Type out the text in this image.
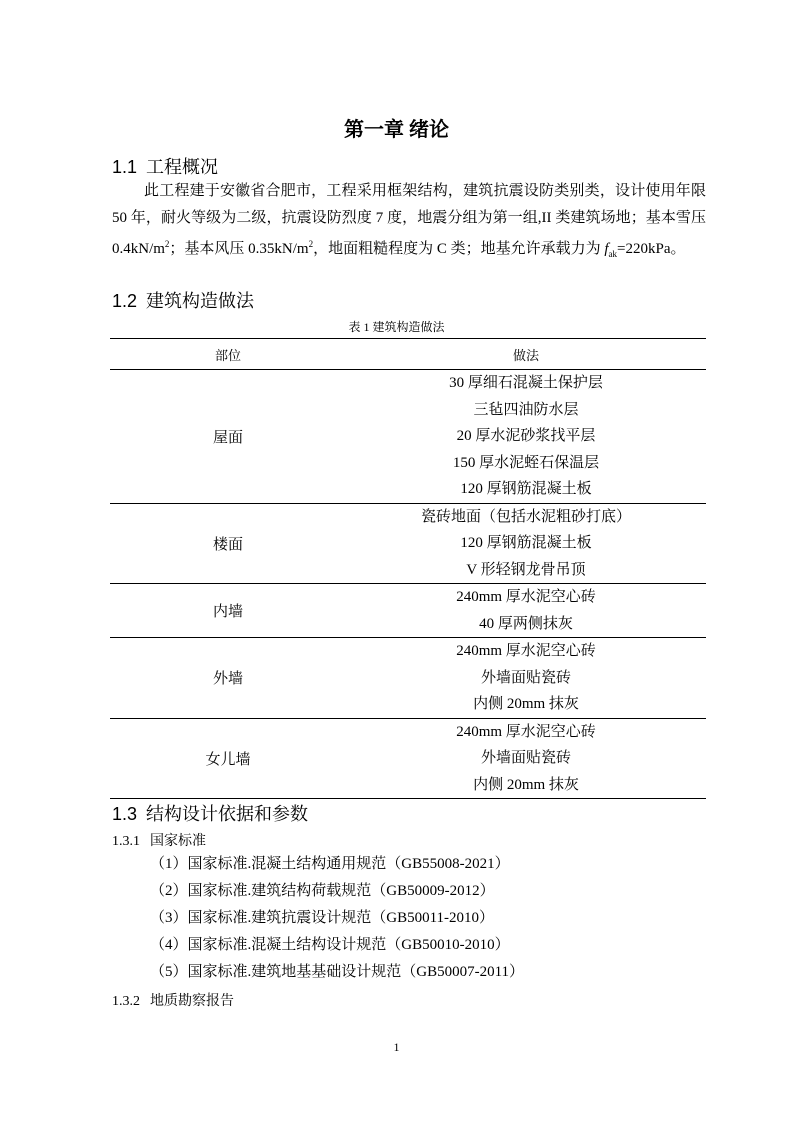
第一章 绪论
1.1 工程概况
此工程建于安徽省合肥市，工程采用框架结构，建筑抗震设防类别类，设计使用年限 50 年，耐火等级为二级，抗震设防烈度 7 度，地震分组为第一组,II 类建筑场地；基本雪压 $0.4kN/m^2$；基本风压 $0.35kN/m^2$，地面粗糙程度为 C 类；地基允许承载力为 $f_{ak}=220kPa$。
1.2 建筑构造做法
表 1 建筑构造做法
部位	做法
屋面	30 厚细石混凝土保护层
三毡四油防水层
20 厚水泥砂浆找平层
150 厚水泥蛭石保温层
120 厚钢筋混凝土板

楼面	瓷砖地面（包括水泥粗砂打底）
120 厚钢筋混凝土板
V 形轻钢龙骨吊顶

内墙	240mm 厚水泥空心砖
40 厚两侧抹灰

外墙	240mm 厚水泥空心砖
外墙面贴瓷砖
内侧 20mm 抹灰

女儿墙	240mm 厚水泥空心砖
外墙面贴瓷砖
内侧 20mm 抹灰
1.3 结构设计依据和参数
1.3.1 国家标准
（1）国家标准.混凝土结构通用规范（GB55008-2021）
（2）国家标准.建筑结构荷载规范（GB50009-2012）
（3）国家标准.建筑抗震设计规范（GB50011-2010）
（4）国家标准.混凝土结构设计规范（GB50010-2010）
（5）国家标准.建筑地基基础设计规范（GB50007-2011）
1.3.2 地质勘察报告
1
